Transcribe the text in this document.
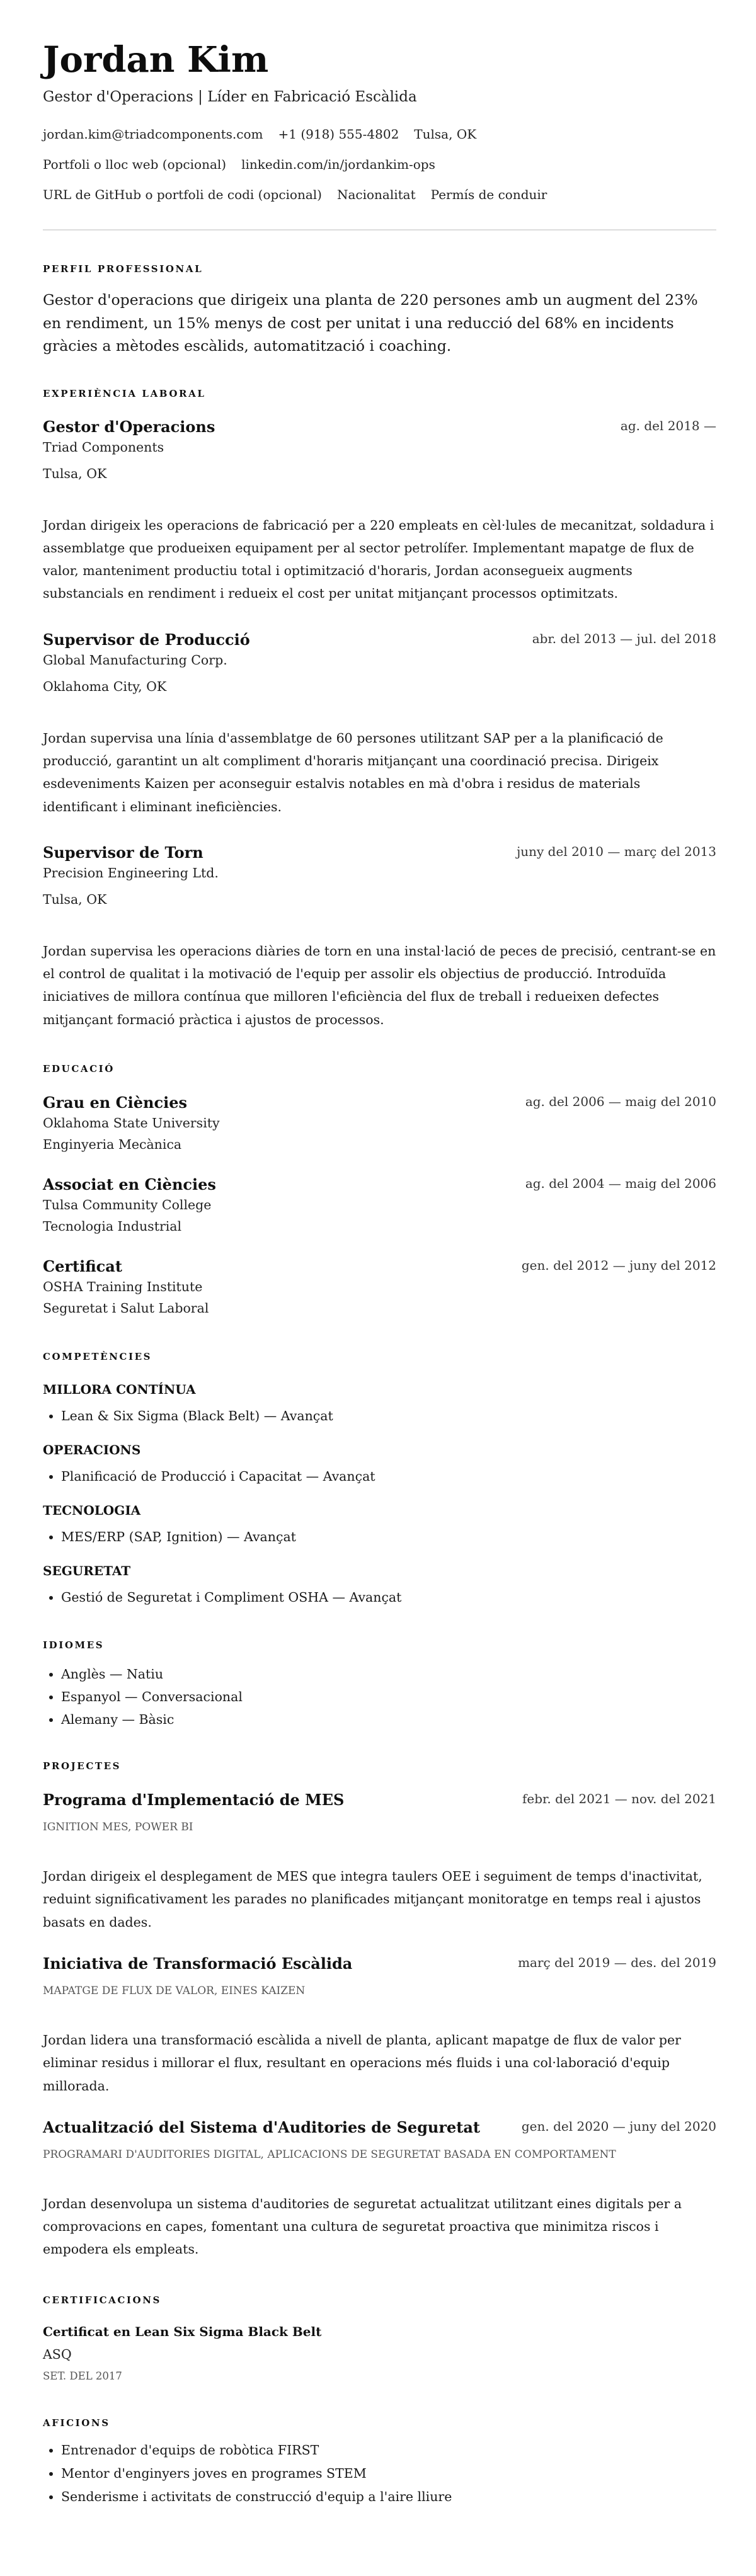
Jordan Kim
Gestor d'Operacions | Líder en Fabricació Escàlida
jordan.kim@triadcomponents.com +1 (918) 555-4802 Tulsa, OK
Portfoli o lloc web (opcional) linkedin.com/in/jordankim-ops
URL de GitHub o portfoli de codi (opcional) Nacionalitat Permís de conduir
PERFIL PROFESSIONAL

Gestor d'operacions que dirigeix una planta de 220 persones amb un augment del 23% en rendiment, un 15% menys de cost per unitat i una reducció del 68% en incidents gràcies a mètodes escàlids, automatització i coaching.

EXPERIÈNCIA LABORAL
Gestor d'Operacions	ag. del 2018 —
Triad Components
Tulsa, OK
Jordan dirigeix les operacions de fabricació per a 220 empleats en cèl·lules de mecanitzat, soldadura i assemblatge que produeixen equipament per al sector petrolífer. Implementant mapatge de flux de valor, manteniment productiu total i optimització d'horaris, Jordan aconsegueix augments substancials en rendiment i redueix el cost per unitat mitjançant processos optimitzats.
Supervisor de Producció	abr. del 2013 — jul. del 2018
Global Manufacturing Corp.
Oklahoma City, OK
Jordan supervisa una línia d'assemblatge de 60 persones utilitzant SAP per a la planificació de producció, garantint un alt compliment d'horaris mitjançant una coordinació precisa. Dirigeix esdeveniments Kaizen per aconseguir estalvis notables en mà d'obra i residus de materials identificant i eliminant ineficiències.
Supervisor de Torn	juny del 2010 — març del 2013
Precision Engineering Ltd.
Tulsa, OK
Jordan supervisa les operacions diàries de torn en una instal·lació de peces de precisió, centrant-se en el control de qualitat i la motivació de l'equip per assolir els objectius de producció. Introduïda iniciatives de millora contínua que milloren l'eficiència del flux de treball i redueixen defectes mitjançant formació pràctica i ajustos de processos.
EDUCACIÓ
Grau en Ciències	ag. del 2006 — maig del 2010
Oklahoma State University
Enginyeria Mecànica
Associat en Ciències	ag. del 2004 — maig del 2006
Tulsa Community College
Tecnologia Industrial
Certificat	gen. del 2012 — juny del 2012
OSHA Training Institute
Seguretat i Salut Laboral
COMPETÈNCIES
MILLORA CONTÍNUA
• Lean & Six Sigma (Black Belt) — Avançat
OPERACIONS
• Planificació de Producció i Capacitat — Avançat
TECNOLOGIA
• MES/ERP (SAP, Ignition) — Avançat
SEGURETAT
• Gestió de Seguretat i Compliment OSHA — Avançat
IDIOMES
• Anglès — Natiu
• Espanyol — Conversacional
• Alemany — Bàsic
PROJECTES
Programa d'Implementació de MES	febr. del 2021 — nov. del 2021
IGNITION MES, POWER BI
Jordan dirigeix el desplegament de MES que integra taulers OEE i seguiment de temps d'inactivitat, reduint significativament les parades no planificades mitjançant monitoratge en temps real i ajustos basats en dades.
Iniciativa de Transformació Escàlida	març del 2019 — des. del 2019
MAPATGE DE FLUX DE VALOR, EINES KAIZEN
Jordan lidera una transformació escàlida a nivell de planta, aplicant mapatge de flux de valor per eliminar residus i millorar el flux, resultant en operacions més fluids i una col·laboració d'equip millorada.
Actualització del Sistema d'Auditories de Seguretat	gen. del 2020 — juny del 2020
PROGRAMARI D'AUDITORIES DIGITAL, APLICACIONS DE SEGURETAT BASADA EN COMPORTAMENT
Jordan desenvolupa un sistema d'auditories de seguretat actualitzat utilitzant eines digitals per a comprovacions en capes, fomentant una cultura de seguretat proactiva que minimitza riscos i empodera els empleats.
CERTIFICACIONS
Certificat en Lean Six Sigma Black Belt
ASQ
SET. DEL 2017
AFICIONS
• Entrenador d'equips de robòtica FIRST
• Mentor d'enginyers joves en programes STEM
• Senderisme i activitats de construcció d'equip a l'aire lliure
